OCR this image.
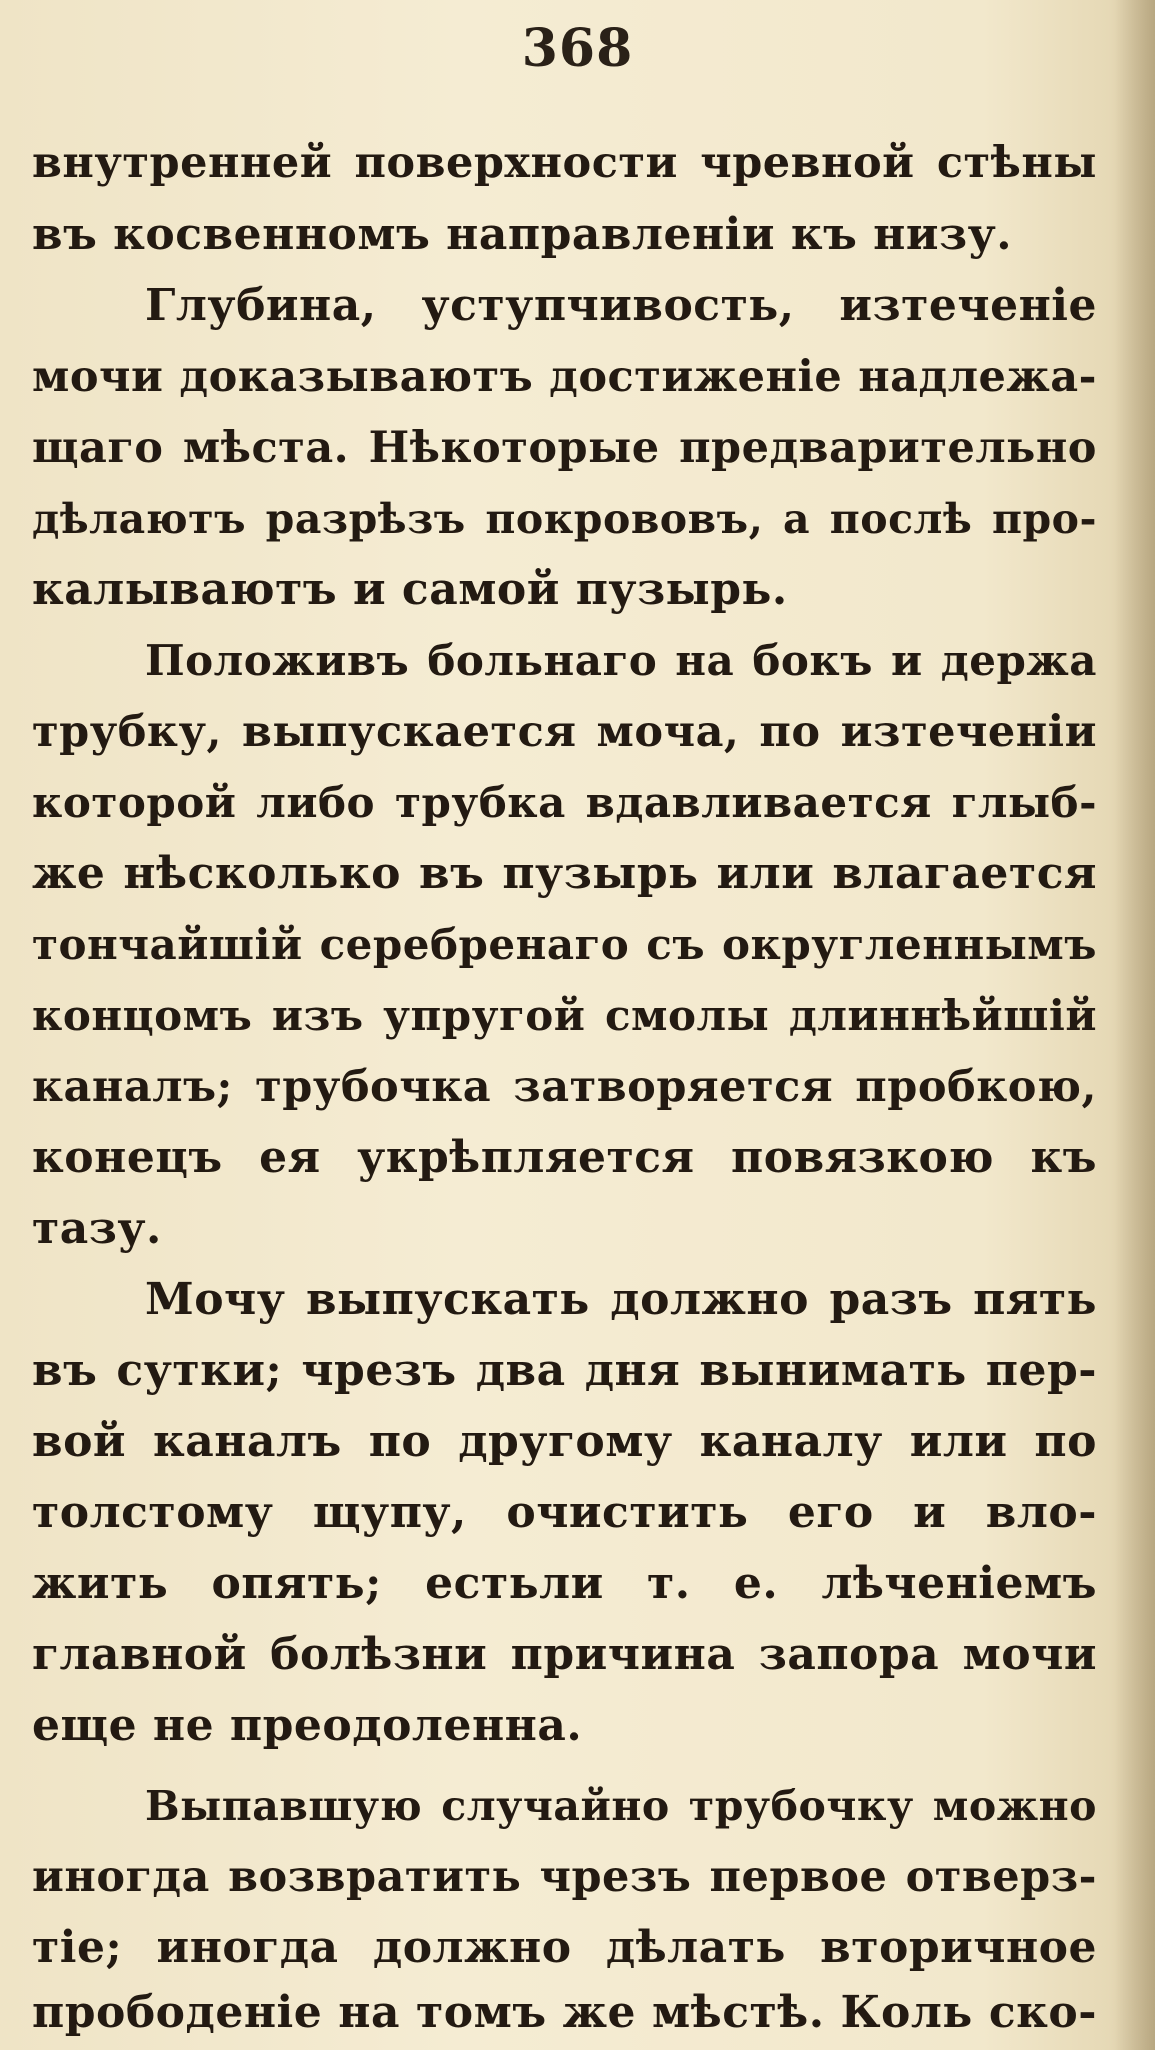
368
внутренней поверхности чревной стѣны
въ косвенномъ направленіи къ низу.
Глубина, уступчивость, изтеченіе
мочи доказываютъ достиженіе надлежа-
щаго мѣста. Нѣкоторые предварительно
дѣлаютъ разрѣзъ покрововъ, а послѣ про-
калываютъ и самой пузырь.
Положивъ больнаго на бокъ и держа
трубку, выпускается моча, по изтеченіи
которой либо трубка вдавливается глыб-
же нѣсколько въ пузырь или влагается
тончайшій серебренаго съ округленнымъ
концомъ изъ упругой смолы длиннѣйшій
каналъ; трубочка затворяется пробкою,
конецъ ея укрѣпляется повязкою къ
тазу.
Мочу выпускать должно разъ пять
въ сутки; чрезъ два дня вынимать пер-
вой каналъ по другому каналу или по
толстому щупу, очистить его и вло-
жить опять; естьли т. е. лѣченіемъ
главной болѣзни причина запора мочи
еще не преодоленна.
Выпавшую случайно трубочку можно
иногда возвратить чрезъ первое отверз-
тіе; иногда должно дѣлать вторичное
прободеніе на томъ же мѣстѣ. Коль ско-
